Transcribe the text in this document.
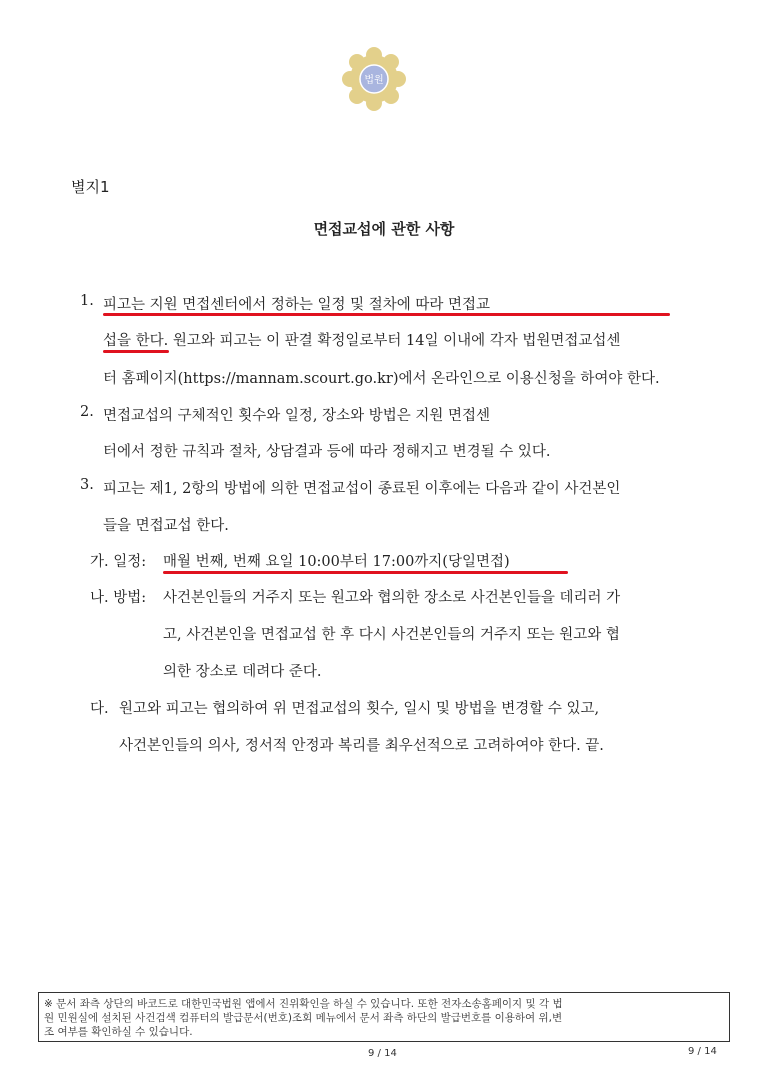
법원
별지1
면접교섭에 관한 사항
1. 피고는 지원 면접센터에서 정하는 일정 및 절차에 따라 면접교
섭을 한다. 원고와 피고는 이 판결 확정일로부터 14일 이내에 각자 법원면접교섭센
터 홈페이지(https://mannam.scourt.go.kr)에서 온라인으로 이용신청을 하여야 한다.
2. 면접교섭의 구체적인 횟수와 일정, 장소와 방법은 지원 면접센
터에서 정한 규칙과 절차, 상담결과 등에 따라 정해지고 변경될 수 있다.
3. 피고는 제1, 2항의 방법에 의한 면접교섭이 종료된 이후에는 다음과 같이 사건본인
들을 면접교섭 한다.
가. 일정: 매월 번째, 번째 요일 10:00부터 17:00까지(당일면접)
나. 방법: 사건본인들의 거주지 또는 원고와 협의한 장소로 사건본인들을 데리러 가
고, 사건본인을 면접교섭 한 후 다시 사건본인들의 거주지 또는 원고와 협
의한 장소로 데려다 준다.
다. 원고와 피고는 협의하여 위 면접교섭의 횟수, 일시 및 방법을 변경할 수 있고,
사건본인들의 의사, 정서적 안정과 복리를 최우선적으로 고려하여야 한다. 끝.
※ 문서 좌측 상단의 바코드로 대한민국법원 앱에서 진위확인을 하실 수 있습니다. 또한 전자소송홈페이지 및 각 법
원 민원실에 설치된 사건검색 컴퓨터의 발급문서(번호)조회 메뉴에서 문서 좌측 하단의 발급번호를 이용하여 위,변
조 여부를 확인하실 수 있습니다.
9 / 14	9 / 14
